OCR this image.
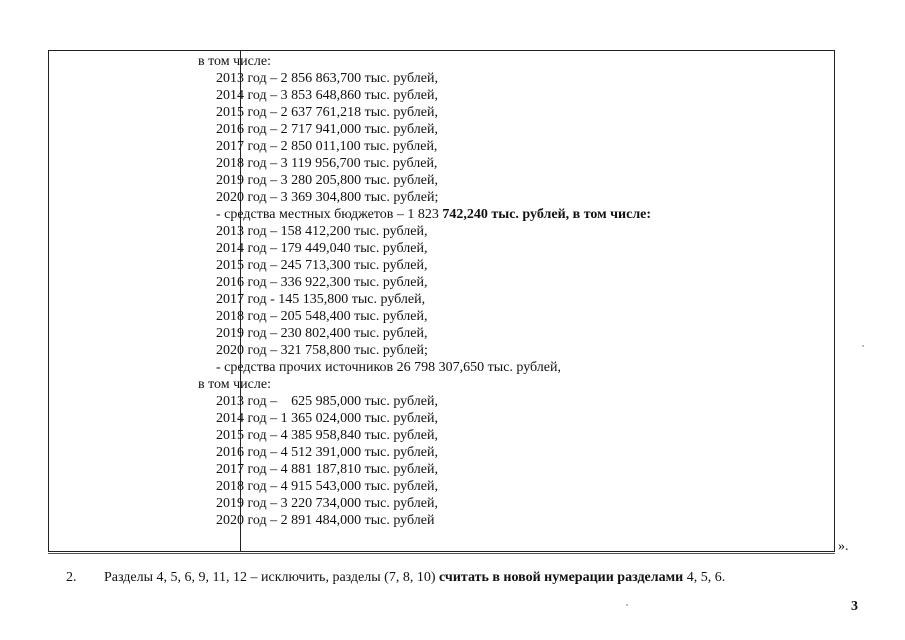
в том числе:
2013 год – 2 856 863,700 тыс. рублей,
2014 год – 3 853 648,860 тыс. рублей,
2015 год – 2 637 761,218 тыс. рублей,
2016 год – 2 717 941,000 тыс. рублей,
2017 год – 2 850 011,100 тыс. рублей,
2018 год – 3 119 956,700 тыс. рублей,
2019 год – 3 280 205,800 тыс. рублей,
2020 год – 3 369 304,800 тыс. рублей;
- средства местных бюджетов – 1 823 742,240 тыс. рублей, в том числе:
2013 год – 158 412,200 тыс. рублей,
2014 год – 179 449,040 тыс. рублей,
2015 год – 245 713,300 тыс. рублей,
2016 год – 336 922,300 тыс. рублей,
2017 год - 145 135,800 тыс. рублей,
2018 год – 205 548,400 тыс. рублей,
2019 год – 230 802,400 тыс. рублей,
2020 год – 321 758,800 тыс. рублей;
- средства прочих источников 26 798 307,650 тыс. рублей,
в том числе:
2013 год –    625 985,000 тыс. рублей,
2014 год – 1 365 024,000 тыс. рублей,
2015 год – 4 385 958,840 тыс. рублей,
2016 год – 4 512 391,000 тыс. рублей,
2017 год – 4 881 187,810 тыс. рублей,
2018 год – 4 915 543,000 тыс. рублей,
2019 год – 3 220 734,000 тыс. рублей,
2020 год – 2 891 484,000 тыс. рублей
».
2. Разделы 4, 5, 6, 9, 11, 12 – исключить, разделы (7, 8, 10) считать в новой нумерации разделами 4, 5, 6.
3
